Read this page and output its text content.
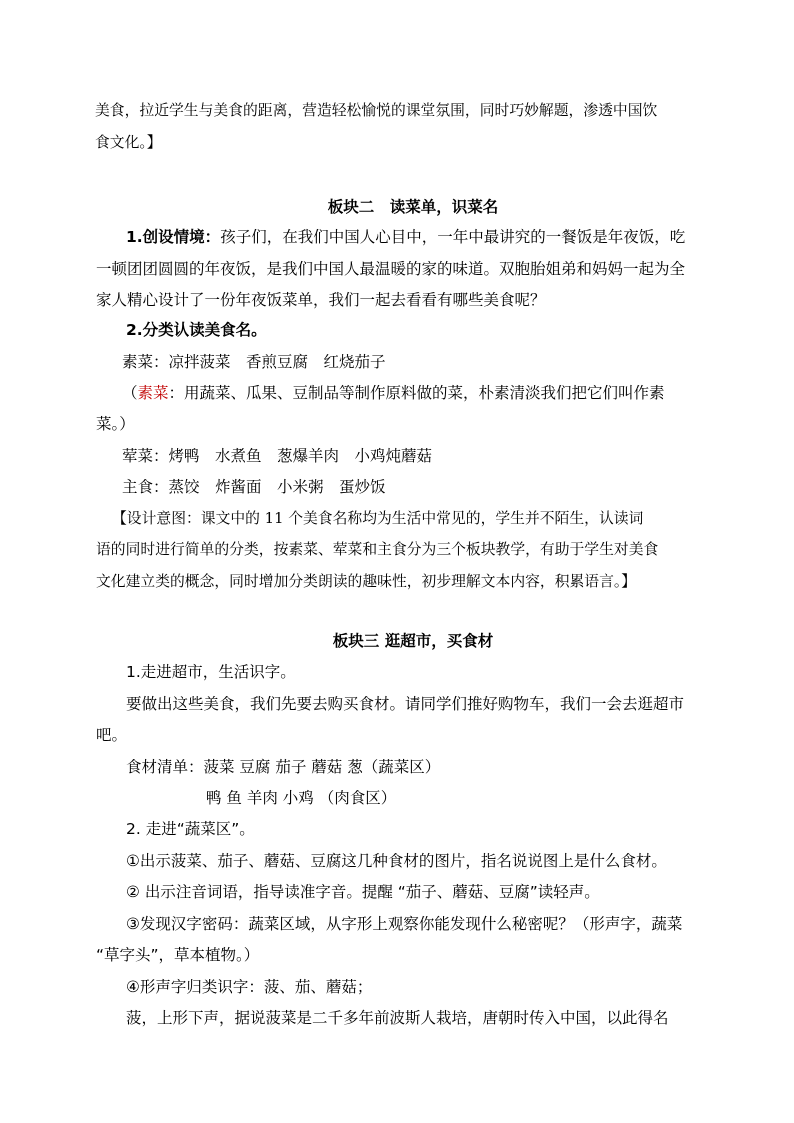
美食，拉近学生与美食的距离，营造轻松愉悦的课堂氛围，同时巧妙解题，渗透中国饮
食文化。】
板块二　读菜单，识菜名
1.创设情境：孩子们，在我们中国人心目中，一年中最讲究的一餐饭是年夜饭，吃
一顿团团圆圆的年夜饭，是我们中国人最温暖的家的味道。双胞胎姐弟和妈妈一起为全
家人精心设计了一份年夜饭菜单，我们一起去看看有哪些美食呢？
2.分类认读美食名。
素菜：凉拌菠菜　香煎豆腐　红烧茄子
（素菜：用蔬菜、瓜果、豆制品等制作原料做的菜，朴素清淡我们把它们叫作素
菜。）
荤菜：烤鸭　水煮鱼　葱爆羊肉　小鸡炖蘑菇
主食：蒸饺　炸酱面　小米粥　蛋炒饭
【设计意图：课文中的 11 个美食名称均为生活中常见的，学生并不陌生，认读词
语的同时进行简单的分类，按素菜、荤菜和主食分为三个板块教学，有助于学生对美食
文化建立类的概念，同时增加分类朗读的趣味性，初步理解文本内容，积累语言。】
板块三 逛超市，买食材
1.走进超市，生活识字。
要做出这些美食，我们先要去购买食材。请同学们推好购物车，我们一会去逛超市
吧。
食材清单：菠菜 豆腐 茄子 蘑菇 葱（蔬菜区）
鸭 鱼 羊肉 小鸡 （肉食区）
2. 走进“蔬菜区”。
①出示菠菜、茄子、蘑菇、豆腐这几种食材的图片，指名说说图上是什么食材。
② 出示注音词语，指导读准字音。提醒 “茄子、蘑菇、豆腐”读轻声。
③发现汉字密码：蔬菜区域，从字形上观察你能发现什么秘密呢？（形声字，蔬菜
“草字头”，草本植物。）
④形声字归类识字：菠、茄、蘑菇；
菠，上形下声，据说菠菜是二千多年前波斯人栽培，唐朝时传入中国，以此得名
